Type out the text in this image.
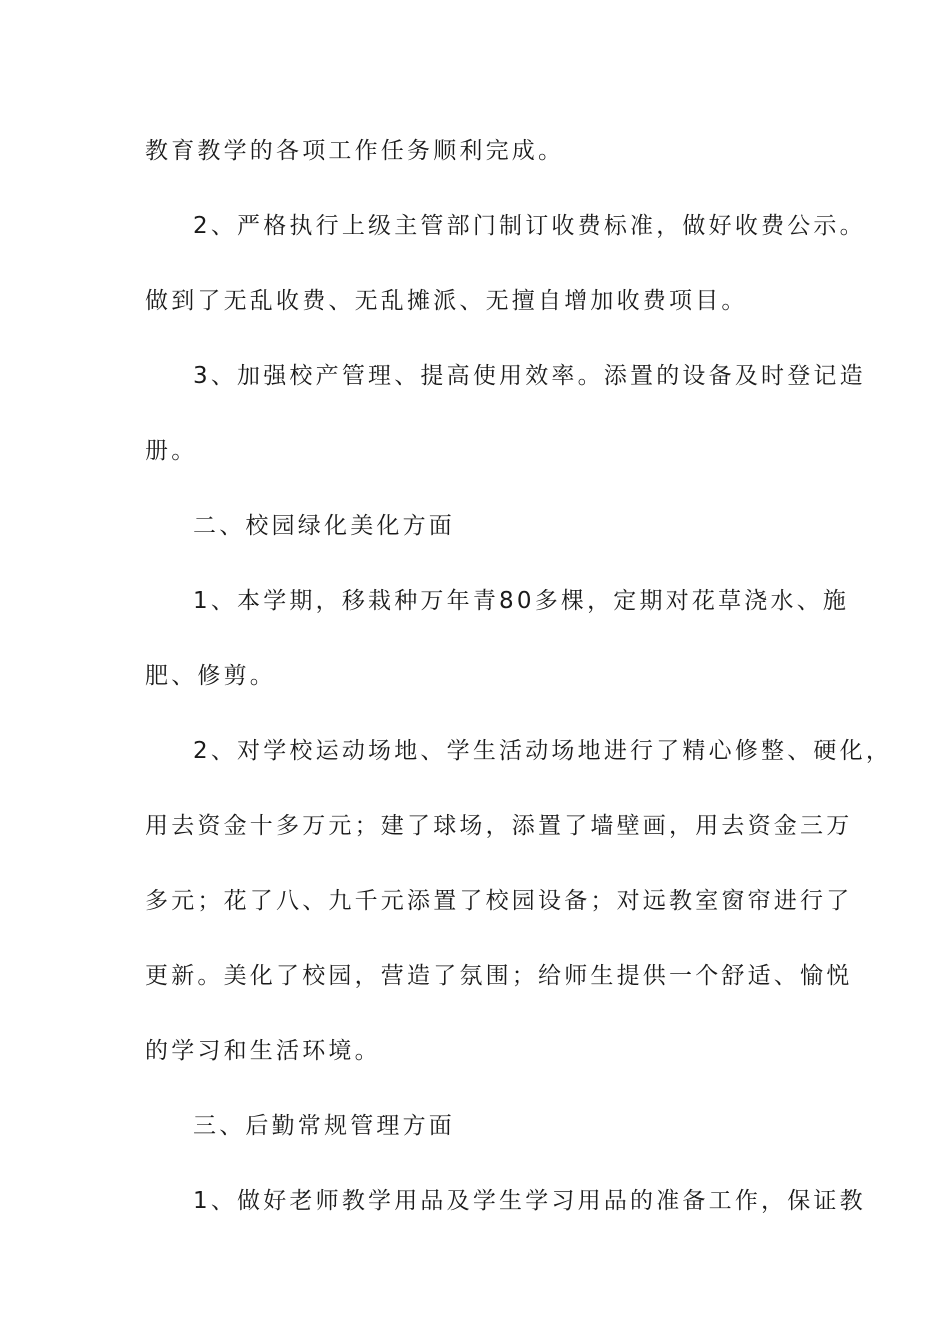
教育教学的各项工作任务顺利完成。
2、严格执行上级主管部门制订收费标准，做好收费公示。
做到了无乱收费、无乱摊派、无擅自增加收费项目。
3、加强校产管理、提高使用效率。添置的设备及时登记造
册。
二、校园绿化美化方面
1、本学期，移栽种万年青80多棵，定期对花草浇水、施
肥、修剪。
2、对学校运动场地、学生活动场地进行了精心修整、硬化，
用去资金十多万元；建了球场，添置了墙壁画，用去资金三万
多元；花了八、九千元添置了校园设备；对远教室窗帘进行了
更新。美化了校园，营造了氛围；给师生提供一个舒适、愉悦
的学习和生活环境。
三、后勤常规管理方面
1、做好老师教学用品及学生学习用品的准备工作，保证教
